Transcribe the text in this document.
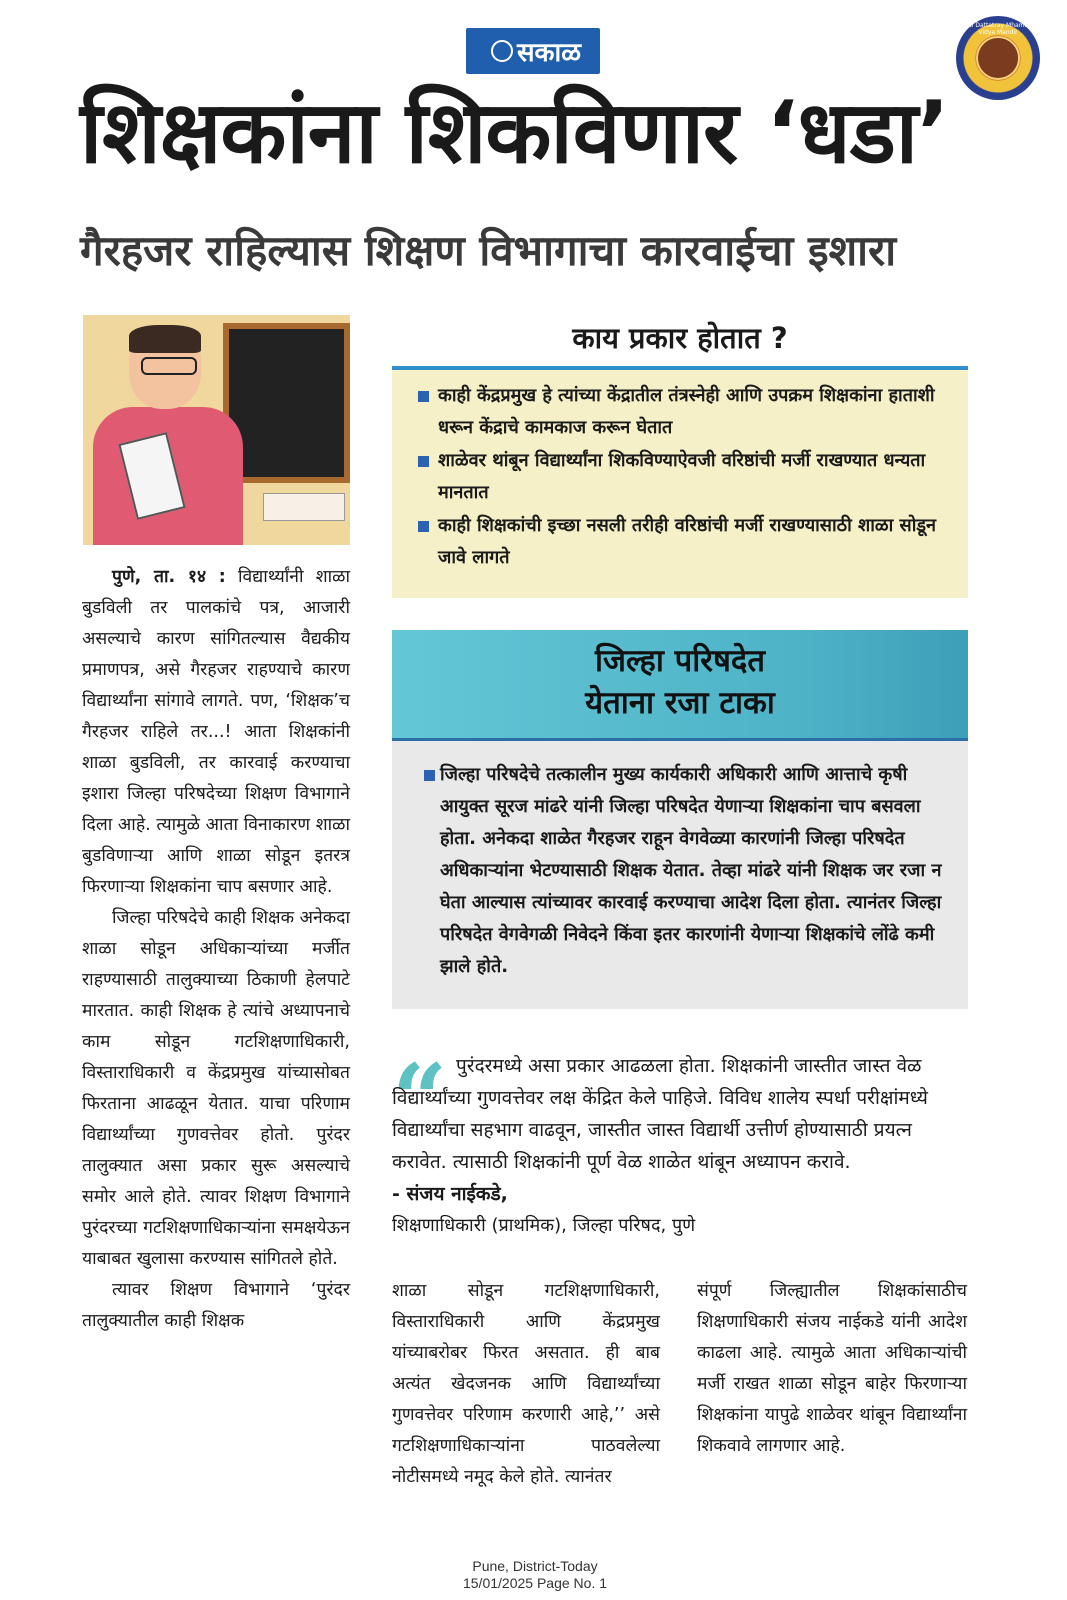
सकाळ
Rahul Dattatray Mhamane · Vidya Mandir
शिक्षकांना शिकविणार ‘धडा’
गैरहजर राहिल्यास शिक्षण विभागाचा कारवाईचा इशारा

पुणे, ता. १४ : विद्यार्थ्यांनी शाळा बुडविली तर पालकांचे पत्र, आजारी असल्याचे कारण सांगितल्यास वैद्यकीय प्रमाणपत्र, असे गैरहजर राहण्याचे कारण विद्यार्थ्यांना सांगावे लागते. पण, ‘शिक्षक’च गैरहजर राहिले तर...! आता शिक्षकांनी शाळा बुडविली, तर कारवाई करण्याचा इशारा जिल्हा परिषदेच्या शिक्षण विभागाने दिला आहे. त्यामुळे आता विनाकारण शाळा बुडविणाऱ्या आणि शाळा सोडून इतरत्र फिरणाऱ्या शिक्षकांना चाप बसणार आहे.

जिल्हा परिषदेचे काही शिक्षक अनेकदा शाळा सोडून अधिकाऱ्यांच्या मर्जीत राहण्यासाठी तालुक्याच्या ठिकाणी हेलपाटे मारतात. काही शिक्षक हे त्यांचे अध्यापनाचे काम सोडून गटशिक्षणाधिकारी, विस्ताराधिकारी व केंद्रप्रमुख यांच्यासोबत फिरताना आढळून येतात. याचा परिणाम विद्यार्थ्यांच्या गुणवत्तेवर होतो. पुरंदर तालुक्यात असा प्रकार सुरू असल्याचे समोर आले होते. त्यावर शिक्षण विभागाने पुरंदरच्या गटशिक्षणाधिकाऱ्यांना समक्षयेऊन याबाबत खुलासा करण्यास सांगितले होते.

त्यावर शिक्षण विभागाने ‘पुरंदर तालुक्यातील काही शिक्षक

काय प्रकार होतात ?
काही केंद्रप्रमुख हे त्यांच्या केंद्रातील तंत्रस्नेही आणि उपक्रम शिक्षकांना हाताशी धरून केंद्राचे कामकाज करून घेतात
शाळेवर थांबून विद्यार्थ्यांना शिकविण्याऐवजी वरिष्ठांची मर्जी राखण्यात धन्यता मानतात
काही शिक्षकांची इच्छा नसली तरीही वरिष्ठांची मर्जी राखण्यासाठी शाळा सोडून जावे लागते
जिल्हा परिषदेत
येताना रजा टाका
जिल्हा परिषदेचे तत्कालीन मुख्य कार्यकारी अधिकारी आणि आत्ताचे कृषी आयुक्त सूरज मांढरे यांनी जिल्हा परिषदेत येणाऱ्या शिक्षकांना चाप बसवला होता. अनेकदा शाळेत गैरहजर राहून वेगवेळ्या कारणांनी जिल्हा परिषदेत अधिकाऱ्यांना भेटण्यासाठी शिक्षक येतात. तेव्हा मांढरे यांनी शिक्षक जर रजा न घेता आल्यास त्यांच्यावर कारवाई करण्याचा आदेश दिला होता. त्यानंतर जिल्हा परिषदेत वेगवेगळी निवेदने किंवा इतर कारणांनी येणाऱ्या शिक्षकांचे लोंढे कमी झाले होते.
“ पुरंदरमध्ये असा प्रकार आढळला होता. शिक्षकांनी जास्तीत जास्त वेळ विद्यार्थ्यांच्या गुणवत्तेवर लक्ष केंद्रित केले पाहिजे. विविध शालेय स्पर्धा परीक्षांमध्ये विद्यार्थ्यांचा सहभाग वाढवून, जास्तीत जास्त विद्यार्थी उत्तीर्ण होण्यासाठी प्रयत्न करावेत. त्यासाठी शिक्षकांनी पूर्ण वेळ शाळेत थांबून अध्यापन करावे.
- संजय नाईकडे,
शिक्षणाधिकारी (प्राथमिक), जिल्हा परिषद, पुणे

शाळा सोडून गटशिक्षणाधिकारी, विस्ताराधिकारी आणि केंद्रप्रमुख यांच्याबरोबर फिरत असतात. ही बाब अत्यंत खेदजनक आणि विद्यार्थ्यांच्या गुणवत्तेवर परिणाम करणारी आहे,’’ असे गटशिक्षणाधिकाऱ्यांना पाठवलेल्या नोटीसमध्ये नमूद केले होते. त्यानंतर

संपूर्ण जिल्ह्यातील शिक्षकांसाठीच शिक्षणाधिकारी संजय नाईकडे यांनी आदेश काढला आहे. त्यामुळे आता अधिकाऱ्यांची मर्जी राखत शाळा सोडून बाहेर फिरणाऱ्या शिक्षकांना यापुढे शाळेवर थांबून विद्यार्थ्यांना शिकवावे लागणार आहे.

Pune, District-Today
15/01/2025 Page No. 1
